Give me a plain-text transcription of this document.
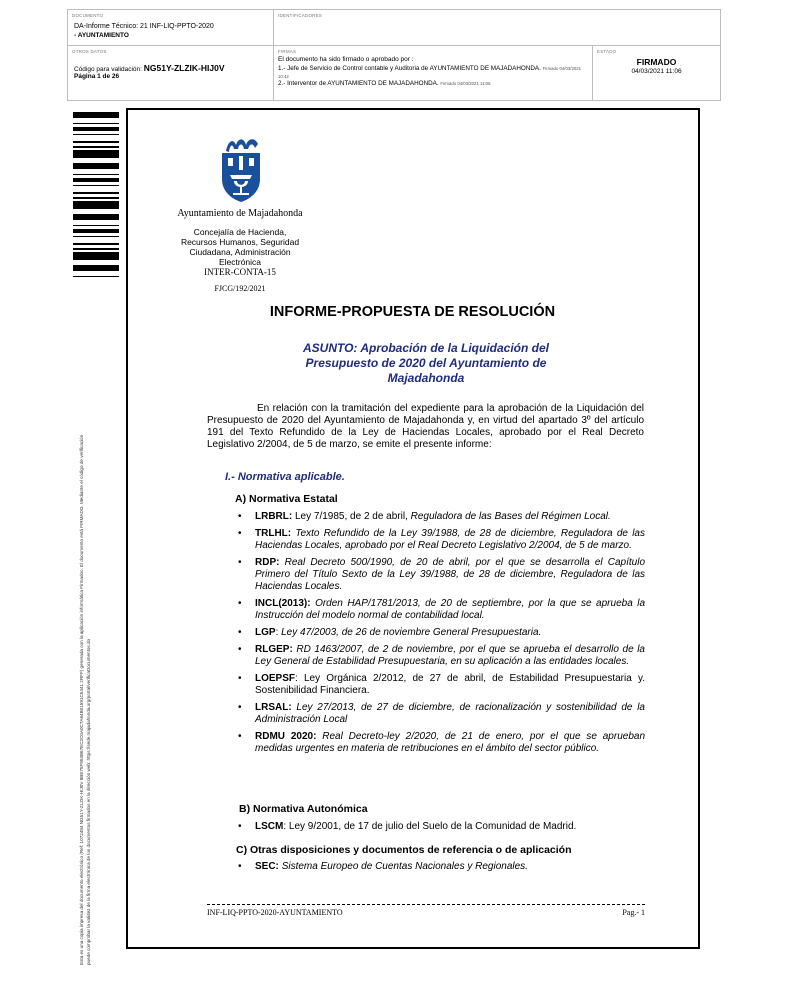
DOCUMENTO
DA-Informe Técnico: 21 INF-LIQ-PPTO-2020
- AYUNTAMIENTO
IDENTIFICADORES
OTROS DATOS
Código para validación: NG51Y-ZLZIK-HIJ0V
Página 1 de 26
FIRMAS
El documento ha sido firmado o aprobado por :
1.- Jefe de Servicio de Control contable y Auditoria de AYUNTAMIENTO DE MAJADAHONDA. Firmado 04/03/2021 10:42
2.- Interventor de AYUNTAMIENTO DE MAJADAHONDA. Firmado 04/03/2021 11:06
ESTADO
FIRMADO
04/03/2021 11:06
Esta es una copia impresa del documento electrónico (Ref: 1072484 NG51Y-ZLZIK-HIJ0V 8BE75F953B67EC2C0A0C7A64B01591C5441 2RFF) generada con la aplicación informática Firmadoc. El documento está FIRMADO. Mediante el código de verificación puede comprobar la validez de la firma electrónica de los documentos firmados en la dirección web: https://sede.majadahonda.org/portal/verificaDocumentos.do
Ayuntamiento de Majadahonda
Concejalía de Hacienda,
Recursos Humanos, Seguridad
Ciudadana, Administración
Electrónica
INTER-CONTA-15
FJCG/192/2021
INFORME-PROPUESTA DE RESOLUCIÓN
ASUNTO: Aprobación de la Liquidación del Presupuesto de 2020 del Ayuntamiento de Majadahonda
En relación con la tramitación del expediente para la aprobación de la Liquidación del Presupuesto de 2020 del Ayuntamiento de Majadahonda y, en virtud del apartado 3º del artículo 191 del Texto Refundido de la Ley de Haciendas Locales, aprobado por el Real Decreto Legislativo 2/2004, de 5 de marzo, se emite el presente informe:
I.- Normativa aplicable.
A) Normativa Estatal
• LRBRL: Ley 7/1985, de 2 de abril, Reguladora de las Bases del Régimen Local.
• TRLHL: Texto Refundido de la Ley 39/1988, de 28 de diciembre, Reguladora de las Haciendas Locales, aprobado por el Real Decreto Legislativo 2/2004, de 5 de marzo.
• RDP: Real Decreto 500/1990, de 20 de abril, por el que se desarrolla el Capítulo Primero del Título Sexto de la Ley 39/1988, de 28 de diciembre, Reguladora de las Haciendas Locales.
• INCL(2013): Orden HAP/1781/2013, de 20 de septiembre, por la que se aprueba la Instrucción del modelo normal de contabilidad local.
• LGP: Ley 47/2003, de 26 de noviembre General Presupuestaria.
• RLGEP: RD 1463/2007, de 2 de noviembre, por el que se aprueba el desarrollo de la Ley General de Estabilidad Presupuestaria, en su aplicación a las entidades locales.
• LOEPSF: Ley Orgánica 2/2012, de 27 de abril, de Estabilidad Presupuestaria y. Sostenibilidad Financiera.
• LRSAL: Ley 27/2013, de 27 de diciembre, de racionalización y sostenibilidad de la Administración Local
• RDMU 2020: Real Decreto-ley 2/2020, de 21 de enero, por el que se aprueban medidas urgentes en materia de retribuciones en el ámbito del sector público.
B) Normativa Autonómica
• LSCM: Ley 9/2001, de 17 de julio del Suelo de la Comunidad de Madrid.
C) Otras disposiciones y documentos de referencia o de aplicación
• SEC: Sistema Europeo de Cuentas Nacionales y Regionales.
INF-LIQ-PPTO-2020-AYUNTAMIENTO	Pag.- 1
